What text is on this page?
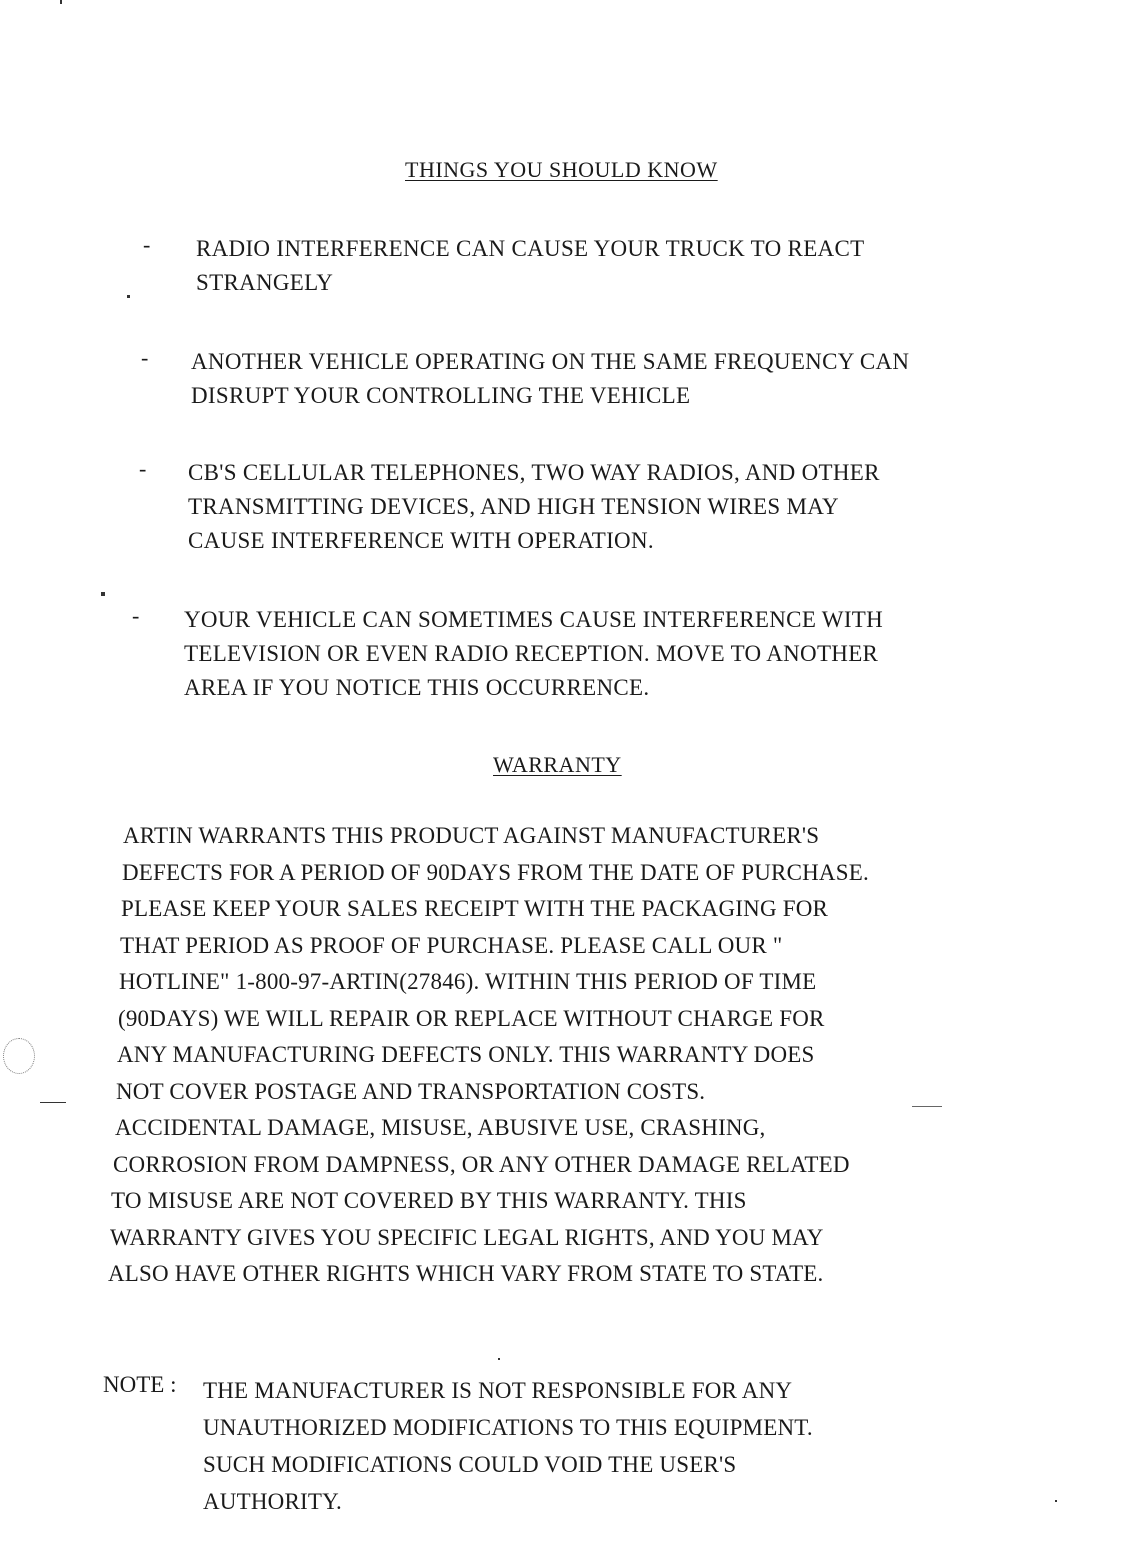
THINGS YOU SHOULD KNOW
- RADIO INTERFERENCE CAN CAUSE YOUR TRUCK TO REACT
STRANGELY
- ANOTHER VEHICLE OPERATING ON THE SAME FREQUENCY CAN
DISRUPT YOUR CONTROLLING THE VEHICLE
- CB'S CELLULAR TELEPHONES, TWO WAY RADIOS, AND OTHER
TRANSMITTING DEVICES, AND HIGH TENSION WIRES MAY
CAUSE INTERFERENCE WITH OPERATION.
- YOUR VEHICLE CAN SOMETIMES CAUSE INTERFERENCE WITH
TELEVISION OR EVEN RADIO RECEPTION. MOVE TO ANOTHER
AREA IF YOU NOTICE THIS OCCURRENCE.
WARRANTY
ARTIN WARRANTS THIS PRODUCT AGAINST MANUFACTURER'S
DEFECTS FOR A PERIOD OF 90DAYS FROM THE DATE OF PURCHASE.
PLEASE KEEP YOUR SALES RECEIPT WITH THE PACKAGING FOR
THAT PERIOD AS PROOF OF PURCHASE. PLEASE CALL OUR "
HOTLINE" 1-800-97-ARTIN(27846). WITHIN THIS PERIOD OF TIME
(90DAYS) WE WILL REPAIR OR REPLACE WITHOUT CHARGE FOR
ANY MANUFACTURING DEFECTS ONLY. THIS WARRANTY DOES
NOT COVER POSTAGE AND TRANSPORTATION COSTS.
ACCIDENTAL DAMAGE, MISUSE, ABUSIVE USE, CRASHING,
CORROSION FROM DAMPNESS, OR ANY OTHER DAMAGE RELATED
TO MISUSE ARE NOT COVERED BY THIS WARRANTY. THIS
WARRANTY GIVES YOU SPECIFIC LEGAL RIGHTS, AND YOU MAY
ALSO HAVE OTHER RIGHTS WHICH VARY FROM STATE TO STATE.
NOTE : THE MANUFACTURER IS NOT RESPONSIBLE FOR ANY
UNAUTHORIZED MODIFICATIONS TO THIS EQUIPMENT.
SUCH MODIFICATIONS COULD VOID THE USER'S
AUTHORITY.
